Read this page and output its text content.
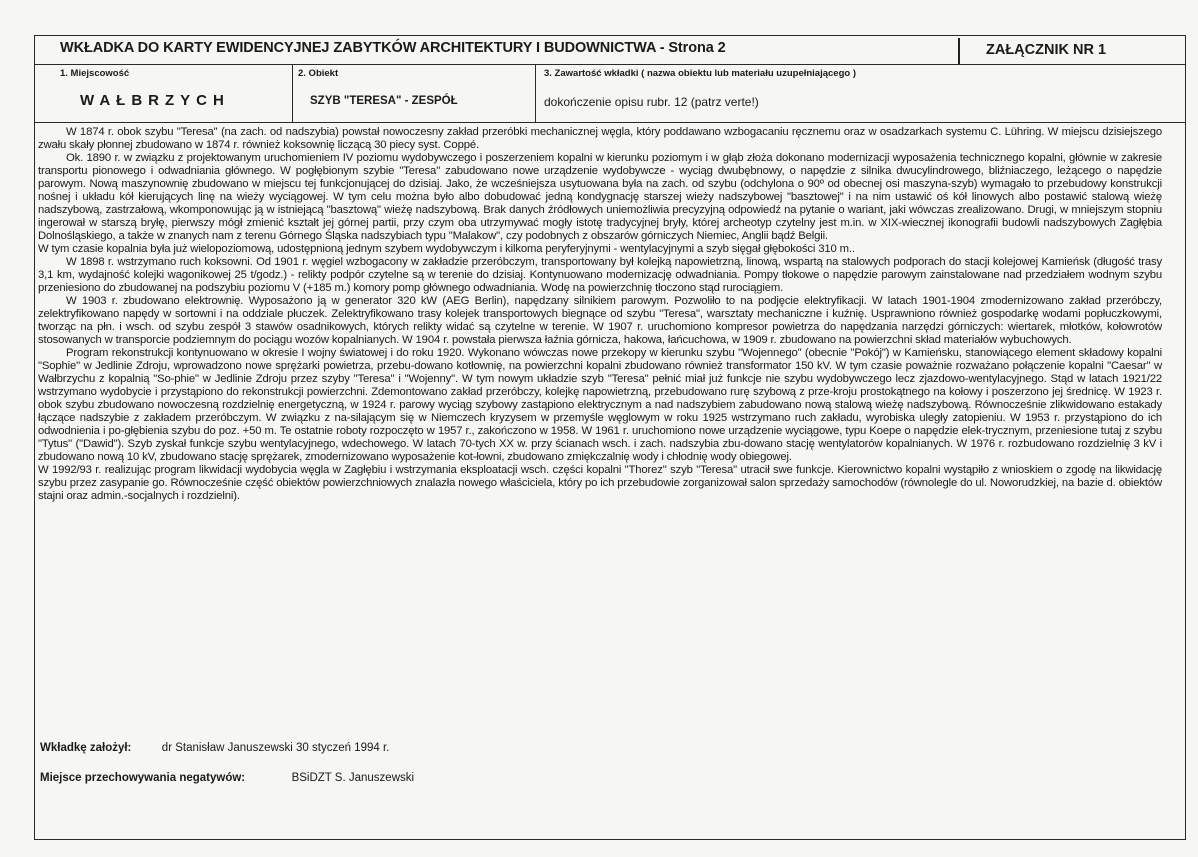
WKŁADKA DO KARTY EWIDENCYJNEJ ZABYTKÓW ARCHITEKTURY I BUDOWNICTWA - Strona 2	ZAŁĄCZNIK NR 1
1. Miejscowość
WAŁBRZYCH
2. Obiekt
SZYB "TERESA" - ZESPÓŁ
3. Zawartość wkładki ( nazwa obiektu lub materiału uzupełniającego )
dokończenie opisu rubr. 12 (patrz verte!)

W 1874 r. obok szybu "Teresa" (na zach. od nadszybia) powstał nowoczesny zakład przeróbki mechanicznej węgla, który poddawano wzbogacaniu ręcznemu oraz w osadzarkach systemu C. Lühring. W miejscu dzisiejszego zwału skały płonnej zbudowano w 1874 r. również koksownię liczącą 30 piecy syst. Coppé.

Ok. 1890 r. w związku z projektowanym uruchomieniem IV poziomu wydobywczego i poszerzeniem kopalni w kierunku poziomym i w głąb złoża dokonano modernizacji wyposażenia technicznego kopalni, głównie w zakresie transportu pionowego i odwadniania głównego. W pogłębionym szybie "Teresa" zabudowano nowe urządzenie wydobywcze - wyciąg dwubębnowy, o napędzie z silnika dwucylindrowego, bliźniaczego, leżącego o napędzie parowym. Nową maszynownię zbudowano w miejscu tej funkcjonującej do dzisiaj. Jako, że wcześniejsza usytuowana była na zach. od szybu (odchylona o 90º od obecnej osi maszyna-szyb) wymagało to przebudowy konstrukcji nośnej i układu kół kierujących linę na wieży wyciągowej. W tym celu można było albo dobudować jedną kondygnację starszej wieży nadszybowej "basztowej" i na nim ustawić oś kół linowych albo postawić stalową wieżę nadszybową, zastrzałową, wkomponowując ją w istniejącą "basztową" wieżę nadszybową. Brak danych źródłowych uniemożliwia precyzyjną odpowiedź na pytanie o wariant, jaki wówczas zrealizowano. Drugi, w mniejszym stopniu ingerował w starszą bryłę, pierwszy mógł zmienić kształt jej górnej partii, przy czym oba utrzymywać mogły istotę tradycyjnej bryły, której archeotyp czytelny jest m.in. w XIX-wiecznej ikonografii budowli nadszybowych Zagłębia Dolnośląskiego, a także w znanych nam z terenu Górnego Śląska nadszybiach typu "Malakow", czy podobnych z obszarów górniczych Niemiec, Anglii bądź Belgii.

W tym czasie kopalnia była już wielopoziomową, udostępnioną jednym szybem wydobywczym i kilkoma peryferyjnymi - wentylacyjnymi a szyb sięgał głębokości 310 m..

W 1898 r. wstrzymano ruch koksowni. Od 1901 r. węgiel wzbogacony w zakładzie przeróbczym, transportowany był kolejką napowietrzną, linową, wspartą na stalowych podporach do stacji kolejowej Kamieńsk (długość trasy 3,1 km, wydajność kolejki wagonikowej 25 t/godz.) - relikty podpór czytelne są w terenie do dzisiaj. Kontynuowano modernizację odwadniania. Pompy tłokowe o napędzie parowym zainstalowane nad przedziałem wodnym szybu przeniesiono do zbudowanej na podszybiu poziomu V (+185 m.) komory pomp głównego odwadniania. Wodę na powierzchnię tłoczono stąd rurociągiem.

W 1903 r. zbudowano elektrownię. Wyposażono ją w generator 320 kW (AEG Berlin), napędzany silnikiem parowym. Pozwoliło to na podjęcie elektryfikacji. W latach 1901-1904 zmodernizowano zakład przeróbczy, zelektryfikowano napędy w sortowni i na oddziale płuczek. Zelektryfikowano trasy kolejek transportowych biegnące od szybu "Teresa", warsztaty mechaniczne i kuźnię. Usprawniono również gospodarkę wodami popłuczkowymi, tworząc na płn. i wsch. od szybu zespół 3 stawów osadnikowych, których relikty widać są czytelne w terenie. W 1907 r. uruchomiono kompresor powietrza do napędzania narzędzi górniczych: wiertarek, młotków, kołowrotów stosowanych w transporcie podziemnym do pociągu wozów kopalnianych. W 1904 r. powstała pierwsza łaźnia górnicza, hakowa, łańcuchowa, w 1909 r. zbudowano na powierzchni skład materiałów wybuchowych.

Program rekonstrukcji kontynuowano w okresie I wojny światowej i do roku 1920. Wykonano wówczas nowe przekopy w kierunku szybu "Wojennego" (obecnie "Pokój") w Kamieńsku, stanowiącego element składowy kopalni "Sophie" w Jedlinie Zdroju, wprowadzono nowe sprężarki powietrza, przebu-dowano kotłownię, na powierzchni kopalni zbudowano również transformator 150 kV. W tym czasie poważnie rozważano połączenie kopalni "Caesar" w Wałbrzychu z kopalnią "So-phie" w Jedlinie Zdroju przez szyby "Teresa" i "Wojenny". W tym nowym układzie szyb "Teresa" pełnić miał już funkcje nie szybu wydobywczego lecz zjazdowo-wentylacyjnego. Stąd w latach 1921/22 wstrzymano wydobycie i przystąpiono do rekonstrukcji powierzchni. Zdemontowano zakład przeróbczy, kolejkę napowietrzną, przebudowano rurę szybową z prze-kroju prostokątnego na kołowy i poszerzono jej średnicę. W 1923 r. obok szybu zbudowano nowoczesną rozdzielnię energetyczną, w 1924 r. parowy wyciąg szybowy zastąpiono elektrycznym a nad nadszybiem zabudowano nową stalową wieżę nadszybową. Równocześnie zlikwidowano estakady łączące nadszybie z zakładem przeróbczym. W związku z na-silającym się w Niemczech kryzysem w przemyśle węglowym w roku 1925 wstrzymano ruch zakładu, wyrobiska uległy zatopieniu. W 1953 r. przystąpiono do ich odwodnienia i po-głębienia szybu do poz. +50 m. Te ostatnie roboty rozpoczęto w 1957 r., zakończono w 1958. W 1961 r. uruchomiono nowe urządzenie wyciągowe, typu Koepe o napędzie elek-trycznym, przeniesione tutaj z szybu "Tytus" ("Dawid"). Szyb zyskał funkcje szybu wentylacyjnego, wdechowego. W latach 70-tych XX w. przy ścianach wsch. i zach. nadszybia zbu-dowano stację wentylatorów kopalnianych. W 1976 r. rozbudowano rozdzielnię 3 kV i zbudowano nową 10 kV, zbudowano stację sprężarek, zmodernizowano wyposażenie kot-łowni, zbudowano zmiękczalnię wody i chłodnię wody obiegowej.

W 1992/93 r. realizując program likwidacji wydobycia węgla w Zagłębiu i wstrzymania eksploatacji wsch. części kopalni "Thorez" szyb "Teresa" utracił swe funkcje. Kierownictwo kopalni wystąpiło z wnioskiem o zgodę na likwidację szybu przez zasypanie go. Równocześnie część obiektów powierzchniowych znalazła nowego właściciela, który po ich przebudowie zorganizował salon sprzedaży samochodów (równolegle do ul. Noworudzkiej, na bazie d. obiektów stajni oraz admin.-socjalnych i rozdzielni).

Wkładkę założył:	dr Stanisław Januszewski 30 styczeń 1994 r.
Miejsce przechowywania negatywów:	BSiDZT S. Januszewski
